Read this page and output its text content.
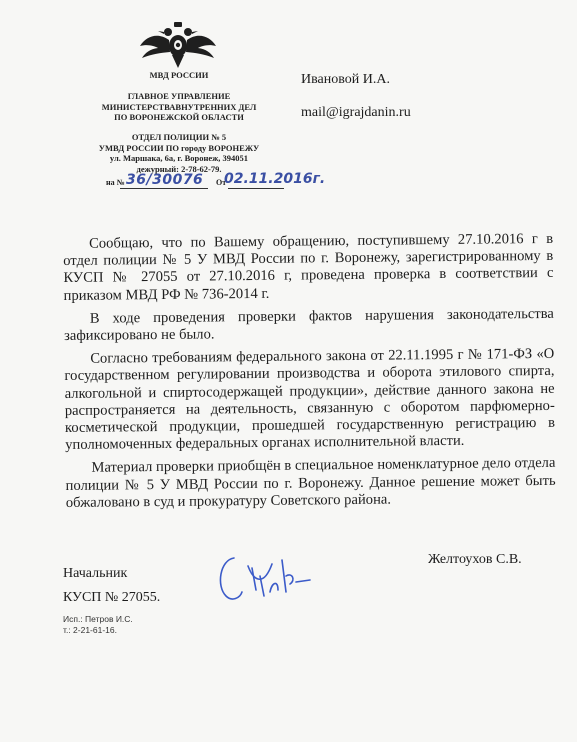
МВД РОССИИ
ГЛАВНОЕ УПРАВЛЕНИЕ
МИНИСТЕРСТВАВНУТРЕННИХ ДЕЛ
ПО ВОРОНЕЖСКОЙ ОБЛАСТИ
ОТДЕЛ ПОЛИЦИИ № 5
УМВД РОССИИ ПО городу ВОРОНЕЖУ
ул. Маршака, 6а, г. Воронеж, 394051
дежурный: 2-78-62-79.
на № 36/30076 От
02.11.2016г.
Ивановой И.А.
mail@igrajdanin.ru

Сообщаю, что по Вашему обращению, поступившему 27.10.2016 г в отдел полиции № 5 У МВД России по г. Воронежу, зарегистрированному в КУСП № 27055 от 27.10.2016 г, проведена проверка в соответствии с приказом МВД РФ № 736-2014 г.

В ходе проведения проверки фактов нарушения законодательства зафиксировано не было.

Согласно требованиям федерального закона от 22.11.1995 г № 171-ФЗ «О государственном регулировании производства и оборота этилового спирта, алкогольной и спиртосодержащей продукции», действие данного закона не распространяется на деятельность, связанную с оборотом парфюмерно-косметической продукции, прошедшей государственную регистрацию в уполномоченных федеральных органах исполнительной власти.

Материал проверки приобщён в специальное номенклатурное дело отдела полиции № 5 У МВД России по г. Воронежу. Данное решение может быть обжаловано в суд и прокуратуру Советского района.

Начальник
Желтоухов С.В.
КУСП № 27055.
Исп.: Петров И.С.
т.: 2-21-61-16.
